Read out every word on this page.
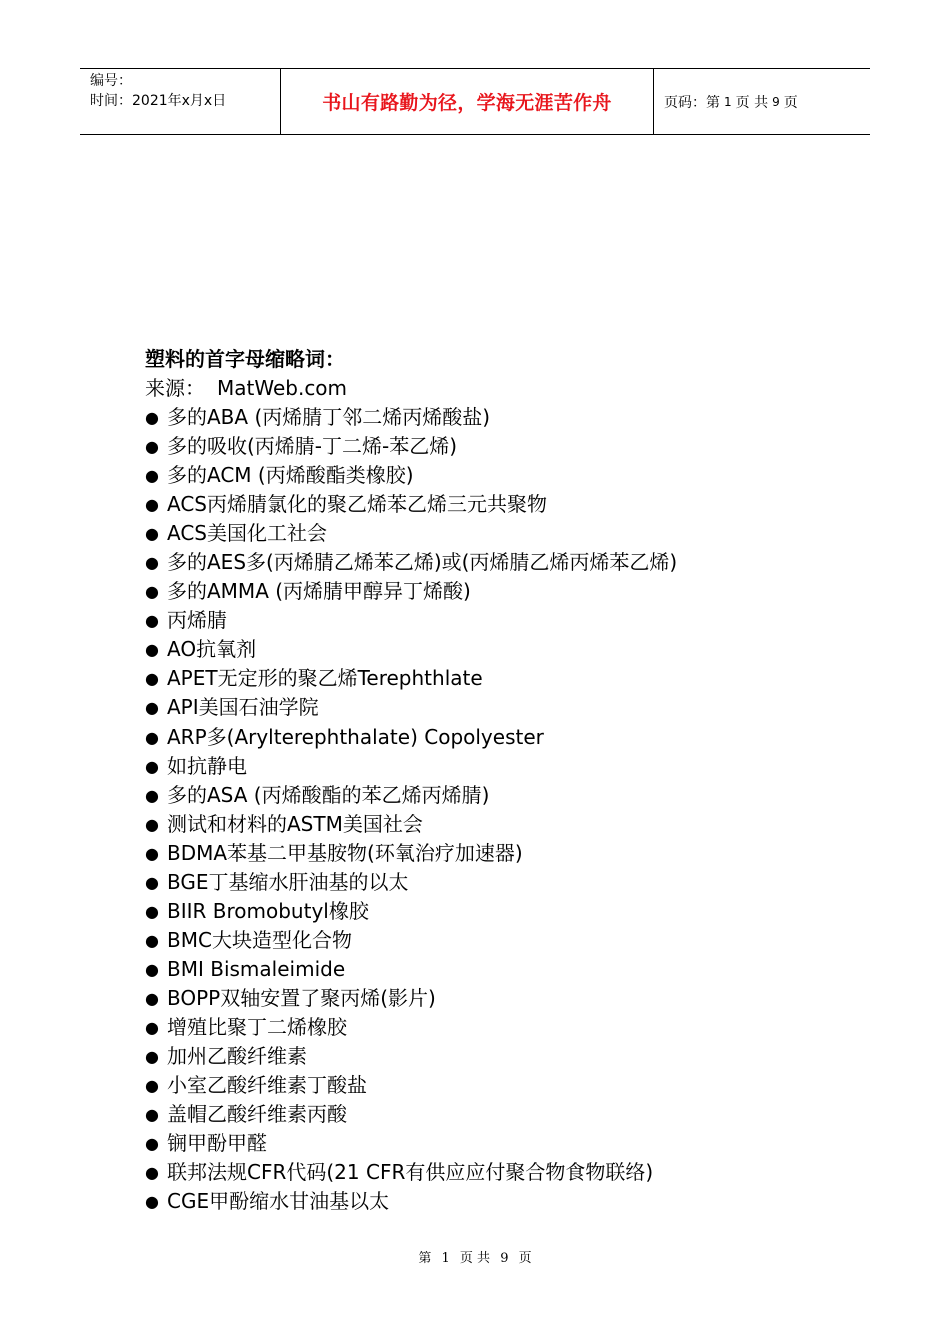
编号：
时间：2021年x月x日	书山有路勤为径，学海无涯苦作舟	页码：第 1 页 共 9 页

塑料的首字母缩略词：

来源： MatWeb.com

● 多的ABA (丙烯腈丁邻二烯丙烯酸盐)
● 多的吸收(丙烯腈-丁二烯-苯乙烯)
● 多的ACM (丙烯酸酯类橡胶)
● ACS丙烯腈氯化的聚乙烯苯乙烯三元共聚物
● ACS美国化工社会
● 多的AES多(丙烯腈乙烯苯乙烯)或(丙烯腈乙烯丙烯苯乙烯)
● 多的AMMA (丙烯腈甲醇异丁烯酸)
● 丙烯腈
● AO抗氧剂
● APET无定形的聚乙烯Terephthlate
● API美国石油学院
● ARP多(Arylterephthalate) Copolyester
● 如抗静电
● 多的ASA (丙烯酸酯的苯乙烯丙烯腈)
● 测试和材料的ASTM美国社会
● BDMA苯基二甲基胺物(环氧治疗加速器)
● BGE丁基缩水肝油基的以太
● BIIR Bromobutyl橡胶
● BMC大块造型化合物
● BMI Bismaleimide
● BOPP双轴安置了聚丙烯(影片)
● 增殖比聚丁二烯橡胶
● 加州乙酸纤维素
● 小室乙酸纤维素丁酸盐
● 盖帽乙酸纤维素丙酸
● 锎甲酚甲醛
● 联邦法规CFR代码(21 CFR有供应应付聚合物食物联络)
● CGE甲酚缩水甘油基以太
第 1 页 共 9 页
